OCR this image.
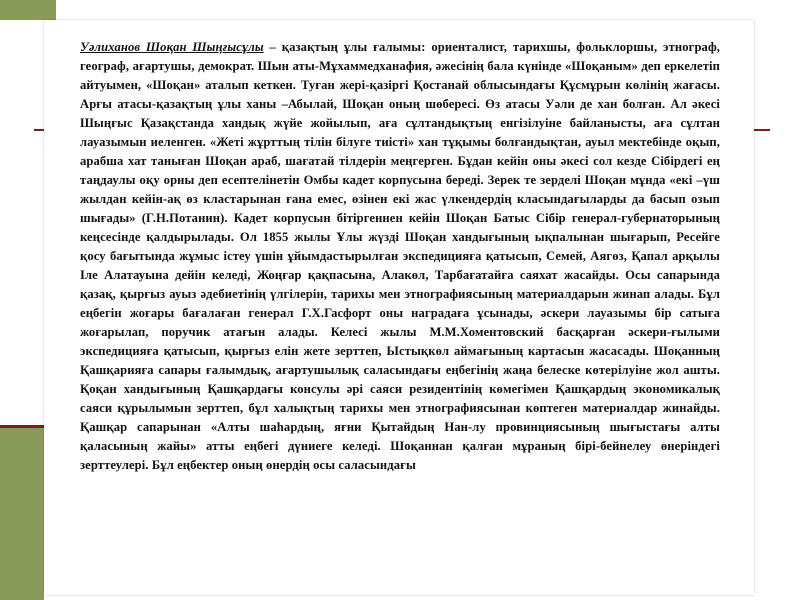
Уәлиханов Шоқан Шыңғысұлы – қазақтың ұлы ғалымы: ориенталист, тарихшы, фольклоршы, этнограф, географ, ағартушы, демократ. Шын аты-Мұхаммедханафия, әжесінің бала күнінде «Шоқаным» деп еркелетіп айтуымен, «Шоқан» аталып кеткен. Туған жері-қазіргі Қостанай облысындағы Құсмұрын көлінің жағасы. Арғы атасы-қазақтың ұлы ханы –Абылай, Шоқан оның шөбересі. Өз атасы Уәли де хан болған. Ал әкесі Шыңғыс Қазақстанда хандық жүйе жойылып, аға сұлтандықтың енгізілуіне байланысты, аға сұлтан лауазымын иеленген. «Жеті жұрттың тілін білуге тиісті» хан тұқымы болғандықтан, ауыл мектебінде оқып, арабша хат таныған Шоқан араб, шағатай тілдерін меңгерген. Бұдан кейін оны әкесі сол кезде Сібірдегі ең таңдаулы оқу орны деп есептелінетін Омбы кадет корпусына береді. Зерек те зерделі Шоқан мұнда «екі –үш жылдан кейін-ақ өз кластарынан ғана емес, өзінен екі жас үлкендердің класындағыларды да басып озып шығады» (Г.Н.Потанин). Кадет корпусын бітіргеннен кейін Шоқан Батыс Сібір генерал-губернаторының кеңсесінде қалдырылады. Ол 1855 жылы Ұлы жүзді Шоқан хандығының ықпалынан шығарып, Ресейге қосу бағытында жұмыс істеу үшін ұйымдастырылған экспедицияға қатысып, Семей, Аягөз, Қапал арқылы Іле Алатауына дейін келеді, Жоңғар қақпасына, Алакөл, Тарбағатайға саяхат жасайды. Осы сапарында қазақ, қырғыз ауыз әдебиетінің үлгілерін, тарихы мен этнографиясының материалдарын жинап алады. Бұл еңбегін жоғары бағалаған генерал Г.Х.Гасфорт оны наградаға ұсынады, әскери лауазымы бір сатыға жоғарылап, поручик атағын алады. Келесі жылы М.М.Хоментовский басқарған әскери-ғылыми экспедицияға қатысып, қырғыз елін жете зерттеп, Ыстықкөл аймағының картасын жасасады. Шоқанның Қашқарияға сапары ғалымдық, ағартушылық саласындағы еңбегінің жаңа белеске көтерілуіне жол ашты. Қоқан хандығының Қашқардағы консулы әрі саяси резидентінің көмегімен Қашқардың экономикалық саяси құрылымын зерттеп, бұл халықтың тарихы мен этнографиясынан көптеген материалдар жинайды. Қашқар сапарынан «Алты шаһардың, яғни Қытайдың Нан-лу провинциясының шығыстағы алты қаласының жайы» атты еңбегі дүниеге келеді. Шоқаннан қалған мұраның бірі-бейнелеу өнеріндегі зерттеулері. Бұл еңбектер оның өнердің осы саласындағы
